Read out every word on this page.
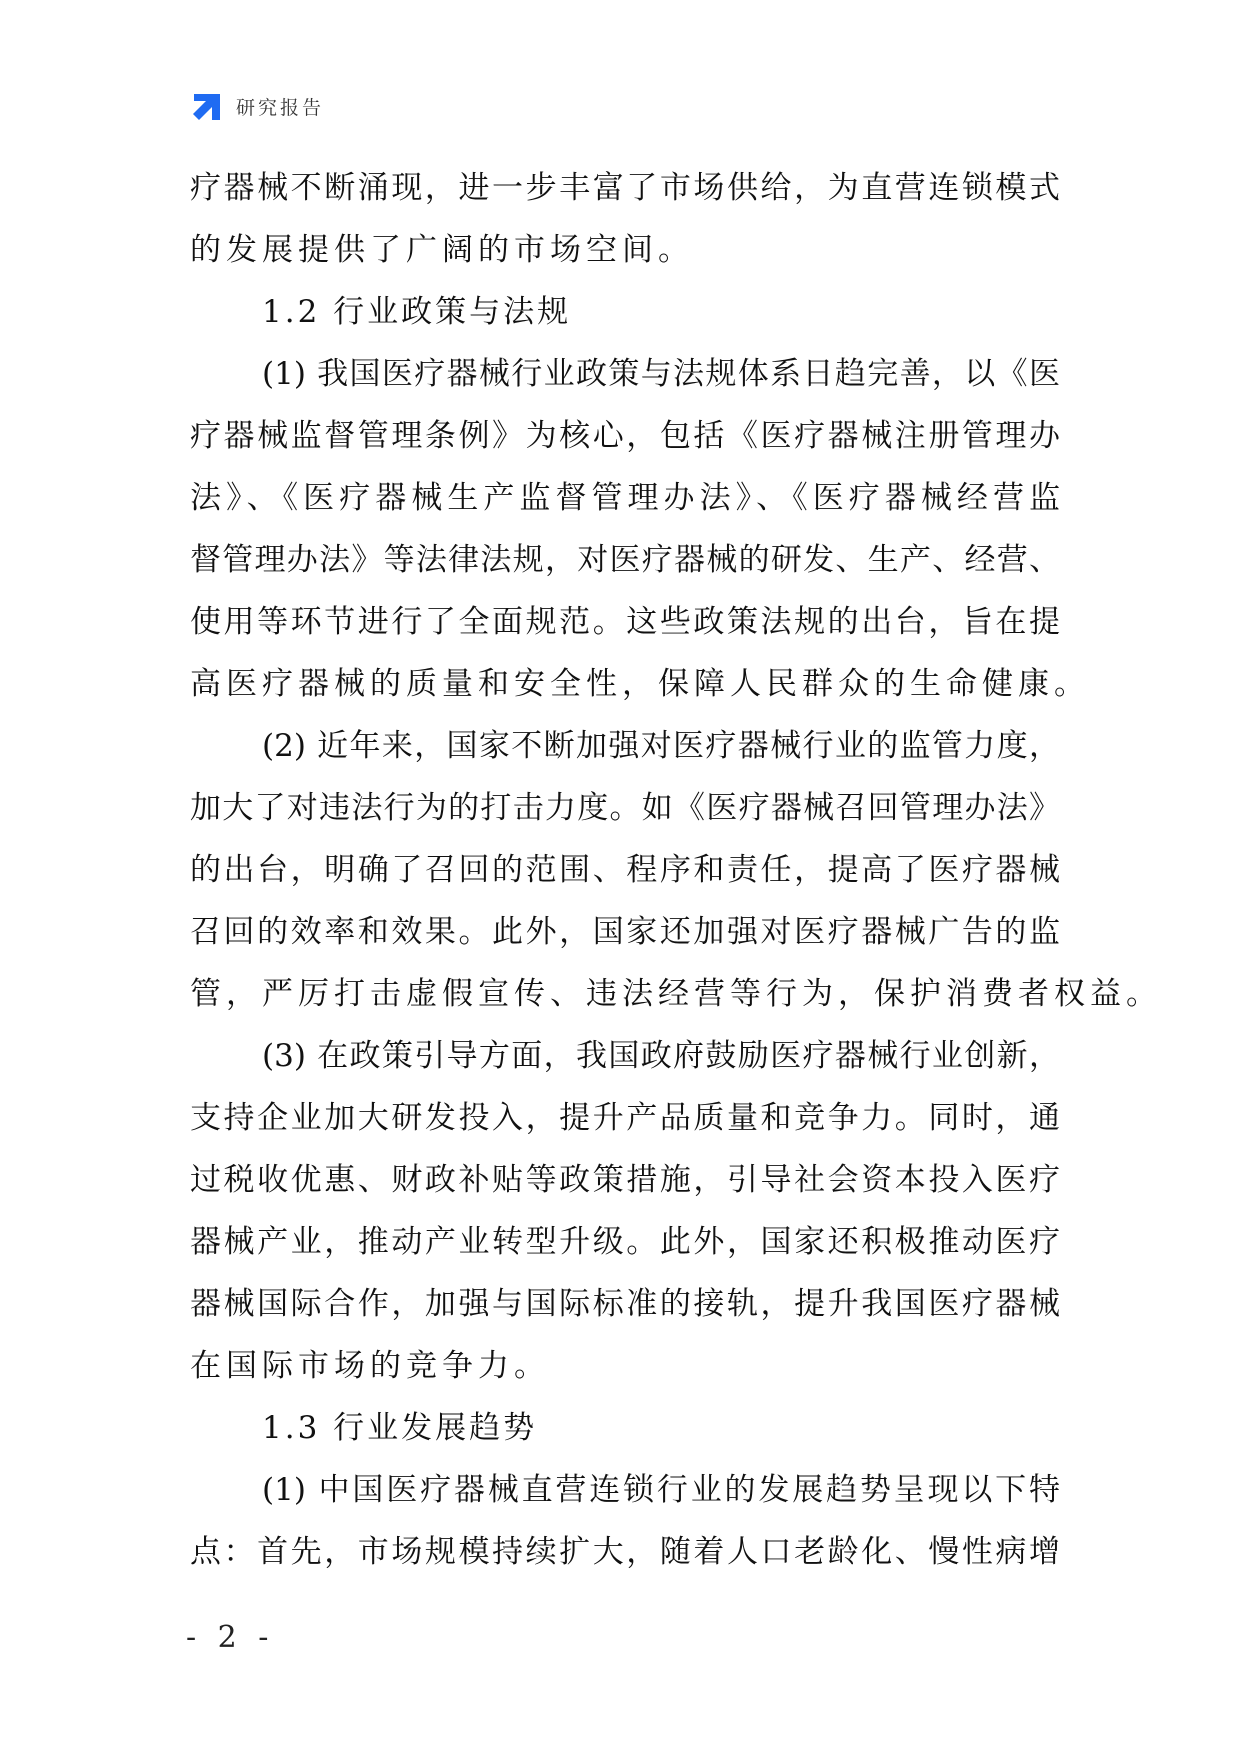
研究报告
疗器械不断涌现，进一步丰富了市场供给，为直营连锁模式
的发展提供了广阔的市场空间。
1.2 行业政策与法规
(1) 我国医疗器械行业政策与法规体系日趋完善，以《医
疗器械监督管理条例》为核心，包括《医疗器械注册管理办
法》、《医疗器械生产监督管理办法》、《医疗器械经营监
督管理办法》等法律法规，对医疗器械的研发、生产、经营、
使用等环节进行了全面规范。这些政策法规的出台，旨在提
高医疗器械的质量和安全性，保障人民群众的生命健康。
(2) 近年来，国家不断加强对医疗器械行业的监管力度，
加大了对违法行为的打击力度。如《医疗器械召回管理办法》
的出台，明确了召回的范围、程序和责任，提高了医疗器械
召回的效率和效果。此外，国家还加强对医疗器械广告的监
管，严厉打击虚假宣传、违法经营等行为，保护消费者权益。
(3) 在政策引导方面，我国政府鼓励医疗器械行业创新，
支持企业加大研发投入，提升产品质量和竞争力。同时，通
过税收优惠、财政补贴等政策措施，引导社会资本投入医疗
器械产业，推动产业转型升级。此外，国家还积极推动医疗
器械国际合作，加强与国际标准的接轨，提升我国医疗器械
在国际市场的竞争力。
1.3 行业发展趋势
(1) 中国医疗器械直营连锁行业的发展趋势呈现以下特
点：首先，市场规模持续扩大，随着人口老龄化、慢性病增
- 2 -
